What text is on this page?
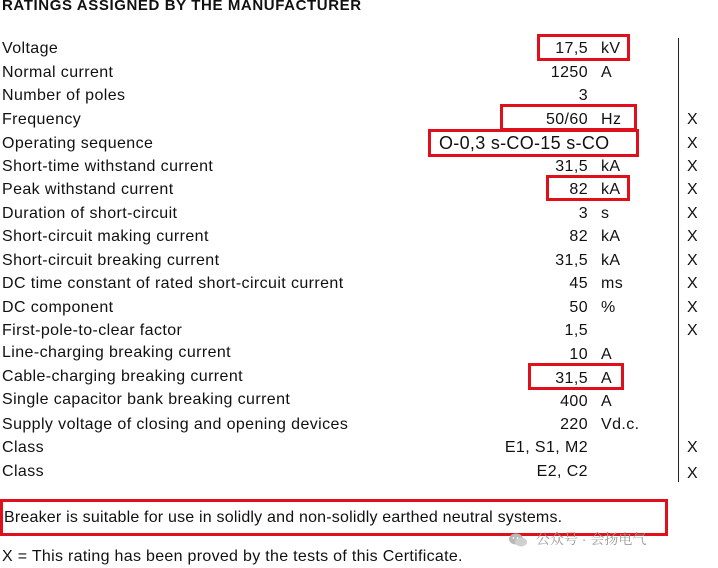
RATINGS ASSIGNED BY THE MANUFACTURER
Voltage	17,5 kV
Normal current	1250 A
Number of poles	3
Frequency	50/60 Hz	X
Operating sequence	O-0,3 s-CO-15 s-CO	X
Short-time withstand current	31,5 kA	X
Peak withstand current	82 kA	X
Duration of short-circuit	3 s	X
Short-circuit making current	82 kA	X
Short-circuit breaking current	31,5 kA	X
DC time constant of rated short-circuit current	45 ms	X
DC component	50 %	X
First-pole-to-clear factor	1,5	X
Line-charging breaking current	10 A
Cable-charging breaking current	31,5 A
Single capacitor bank breaking current	400 A
Supply voltage of closing and opening devices	220 Vd.c.
Class	E1, S1, M2	X
Class	E2, C2	X
Breaker is suitable for use in solidly and non-solidly earthed neutral systems.
公众号 · 会扬电气
X = This rating has been proved by the tests of this Certificate.
